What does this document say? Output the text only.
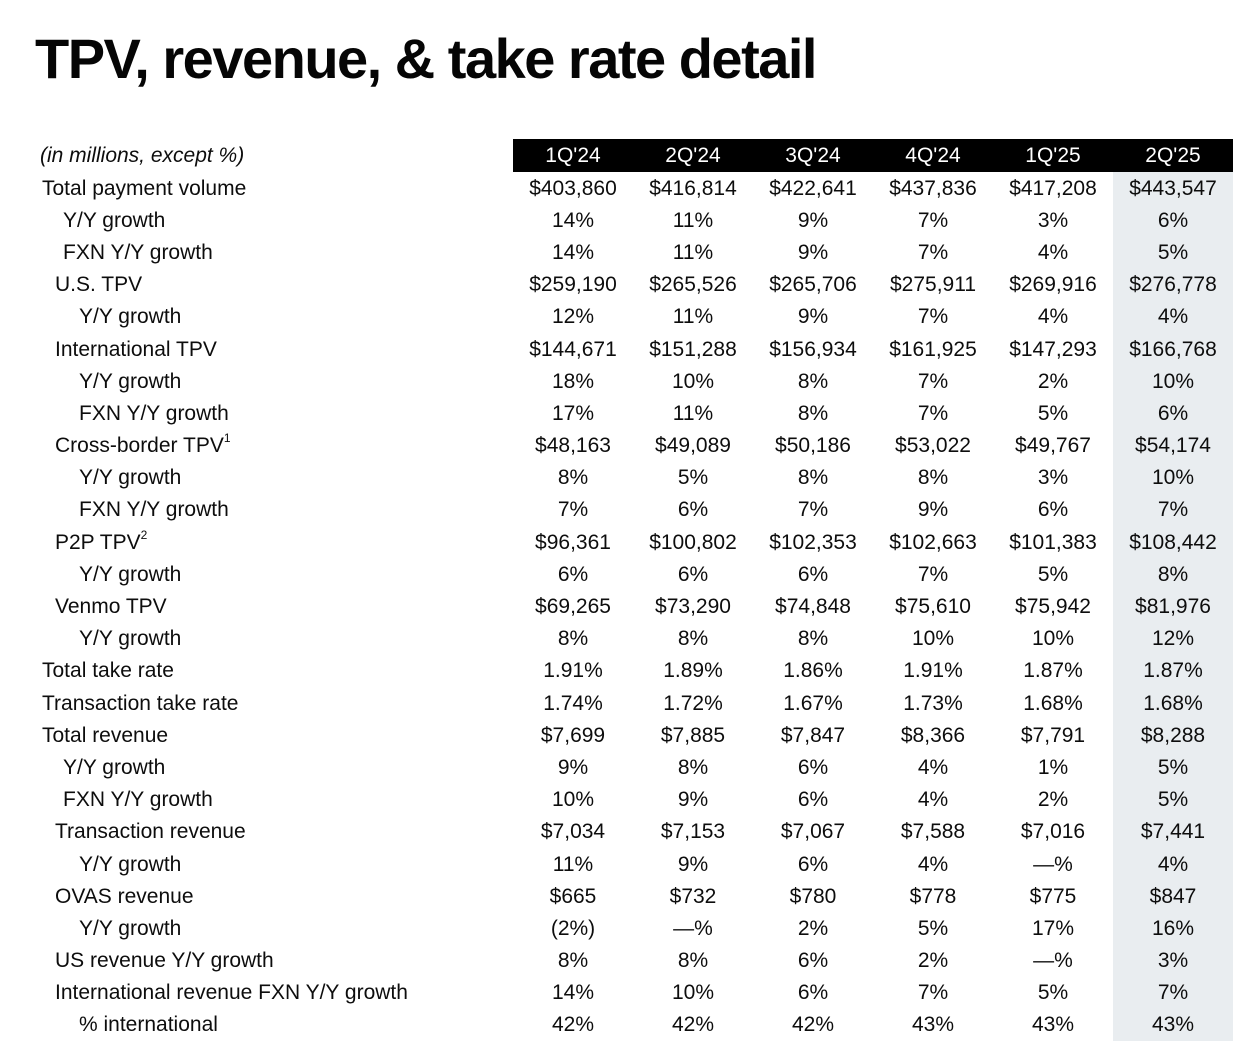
TPV, revenue, & take rate detail
(in millions, except %)	1Q'24	2Q'24	3Q'24	4Q'24	1Q'25	2Q'25
Total payment volume	$403,860	$416,814	$422,641	$437,836	$417,208	$443,547
Y/Y growth	14%	11%	9%	7%	3%	6%
FXN Y/Y growth	14%	11%	9%	7%	4%	5%
U.S. TPV	$259,190	$265,526	$265,706	$275,911	$269,916	$276,778
Y/Y growth	12%	11%	9%	7%	4%	4%
International TPV	$144,671	$151,288	$156,934	$161,925	$147,293	$166,768
Y/Y growth	18%	10%	8%	7%	2%	10%
FXN Y/Y growth	17%	11%	8%	7%	5%	6%
Cross-border TPV$^1$	$48,163	$49,089	$50,186	$53,022	$49,767	$54,174
Y/Y growth	8%	5%	8%	8%	3%	10%
FXN Y/Y growth	7%	6%	7%	9%	6%	7%
P2P TPV$^2$	$96,361	$100,802	$102,353	$102,663	$101,383	$108,442
Y/Y growth	6%	6%	6%	7%	5%	8%
Venmo TPV	$69,265	$73,290	$74,848	$75,610	$75,942	$81,976
Y/Y growth	8%	8%	8%	10%	10%	12%
Total take rate	1.91%	1.89%	1.86%	1.91%	1.87%	1.87%
Transaction take rate	1.74%	1.72%	1.67%	1.73%	1.68%	1.68%
Total revenue	$7,699	$7,885	$7,847	$8,366	$7,791	$8,288
Y/Y growth	9%	8%	6%	4%	1%	5%
FXN Y/Y growth	10%	9%	6%	4%	2%	5%
Transaction revenue	$7,034	$7,153	$7,067	$7,588	$7,016	$7,441
Y/Y growth	11%	9%	6%	4%	—%	4%
OVAS revenue	$665	$732	$780	$778	$775	$847
Y/Y growth	(2%)	—%	2%	5%	17%	16%
US revenue Y/Y growth	8%	8%	6%	2%	—%	3%
International revenue FXN Y/Y growth	14%	10%	6%	7%	5%	7%
% international	42%	42%	42%	43%	43%	43%
